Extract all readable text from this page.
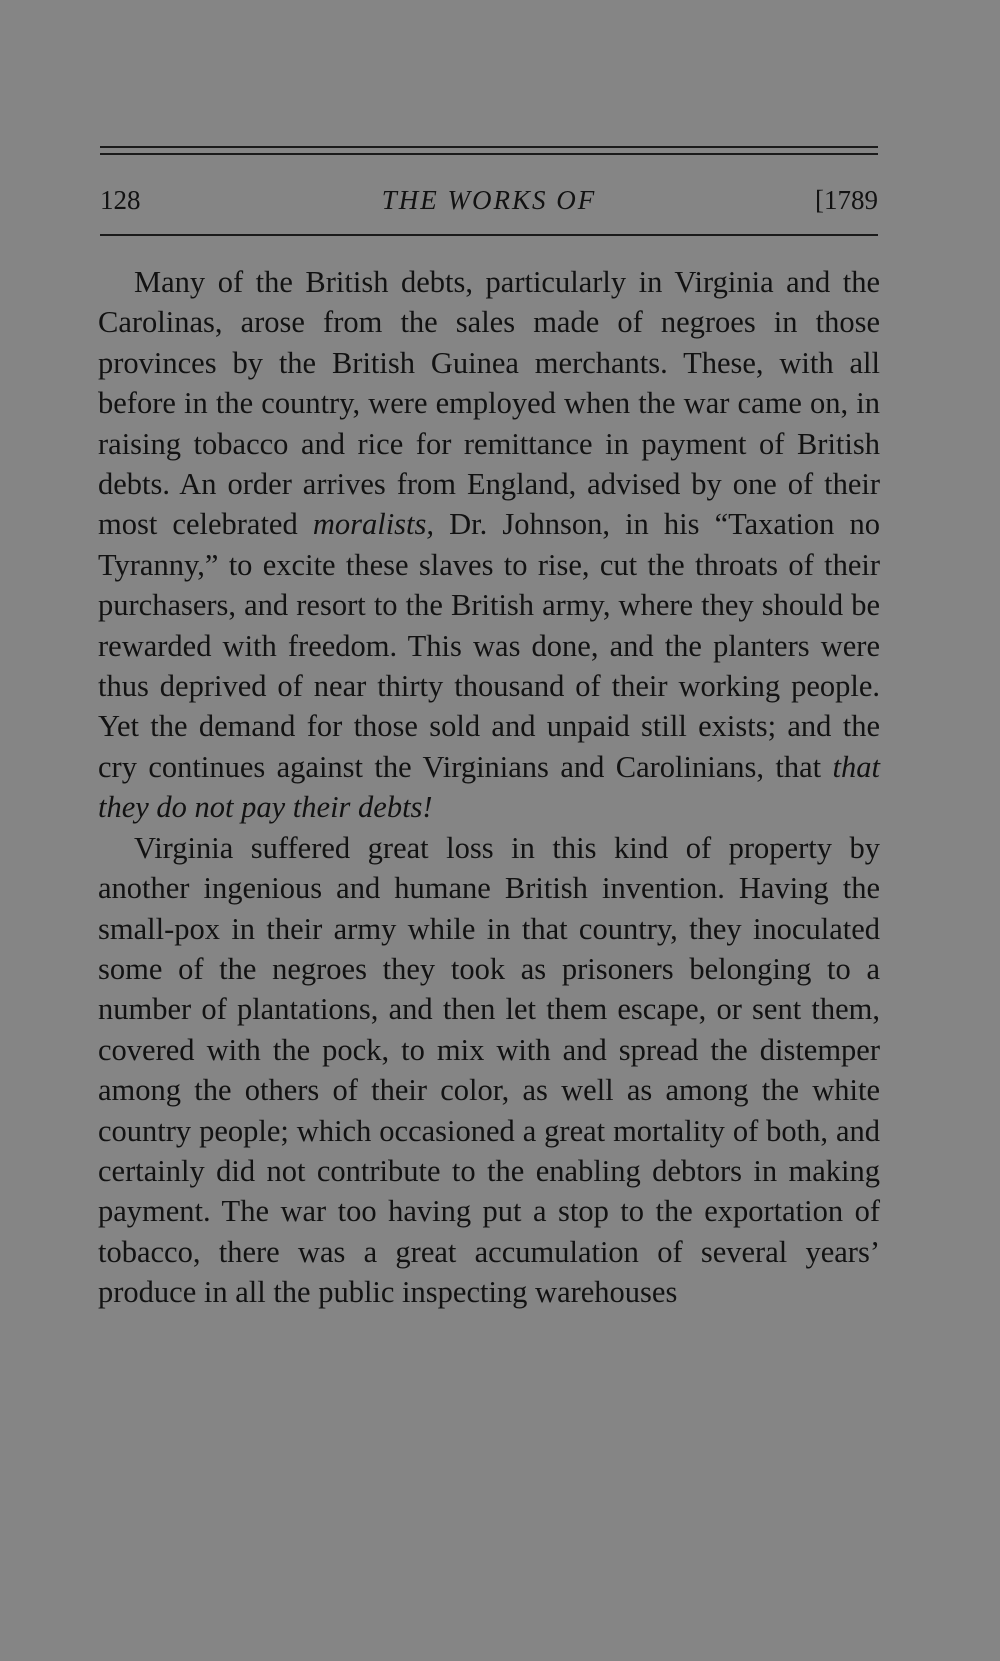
128	THE WORKS OF	[1789

Many of the British debts, particularly in Virginia and the Carolinas, arose from the sales made of negroes in those provinces by the British Guinea merchants. These, with all before in the country, were employed when the war came on, in raising tobacco and rice for remittance in payment of British debts. An order arrives from England, advised by one of their most celebrated moralists, Dr. Johnson, in his “Taxation no Tyranny,” to excite these slaves to rise, cut the throats of their purchasers, and resort to the British army, where they should be rewarded with freedom. This was done, and the planters were thus deprived of near thirty thousand of their working people. Yet the demand for those sold and unpaid still exists; and the cry continues against the Virginians and Carolinians, that that they do not pay their debts!

Virginia suffered great loss in this kind of property by another ingenious and humane British invention. Having the small-pox in their army while in that country, they inoculated some of the negroes they took as prisoners belonging to a number of plantations, and then let them escape, or sent them, covered with the pock, to mix with and spread the distemper among the others of their color, as well as among the white country people; which occasioned a great mortality of both, and certainly did not contribute to the enabling debtors in making payment. The war too having put a stop to the exportation of tobacco, there was a great accumulation of several years’ produce in all the public inspecting warehouses
